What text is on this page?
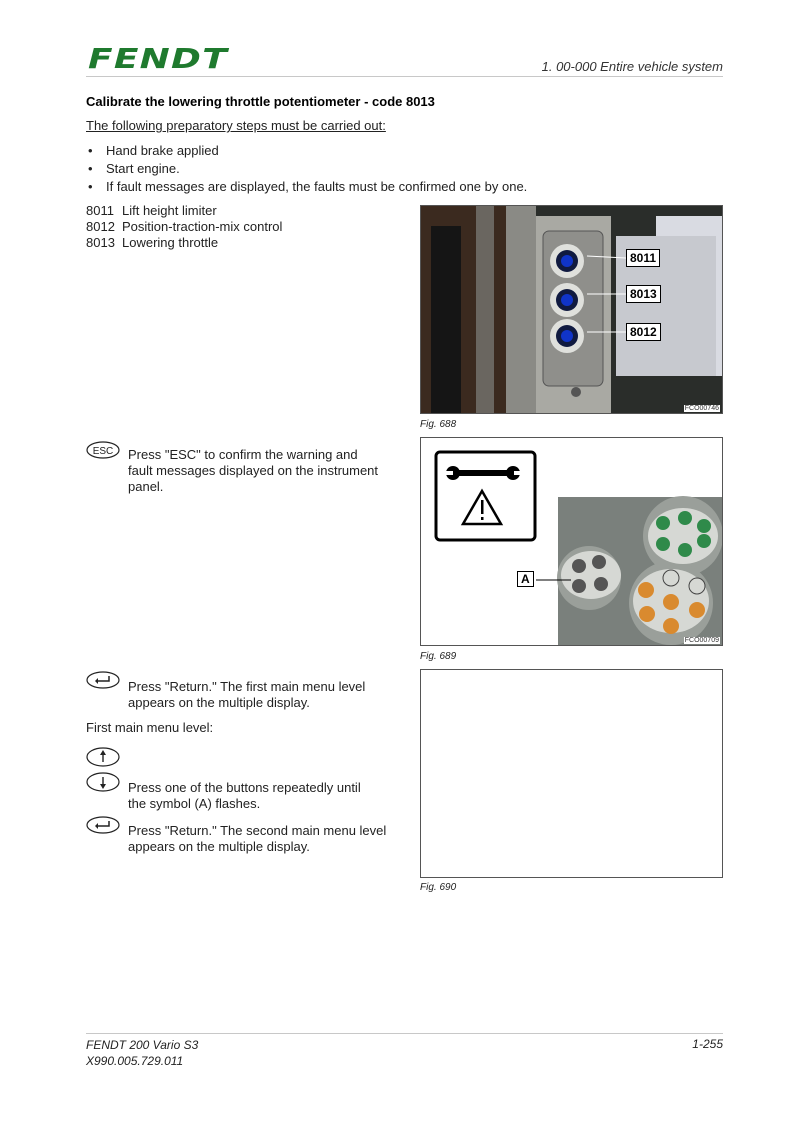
FENDT	1. 00-000 Entire vehicle system
Calibrate the lowering throttle potentiometer - code 8013
The following preparatory steps must be carried out:
• Hand brake applied
• Start engine.
• If fault messages are displayed, the faults must be confirmed one by one.
8011 Lift height limiter
8012 Position-traction-mix control
8013 Lowering throttle
8011
8013
8012
FCO00746
Fig. 688
ESC Press "ESC" to confirm the warning and
fault messages displayed on the instrument
panel.
A
FCO00709
Fig. 689
Press "Return." The first main menu level
appears on the multiple display.
First main menu level:
Press one of the buttons repeatedly until
the symbol (A) flashes.
Press "Return." The second main menu level
appears on the multiple display.
Fig. 690
FENDT 200 Vario S3
X990.005.729.011
1-255
